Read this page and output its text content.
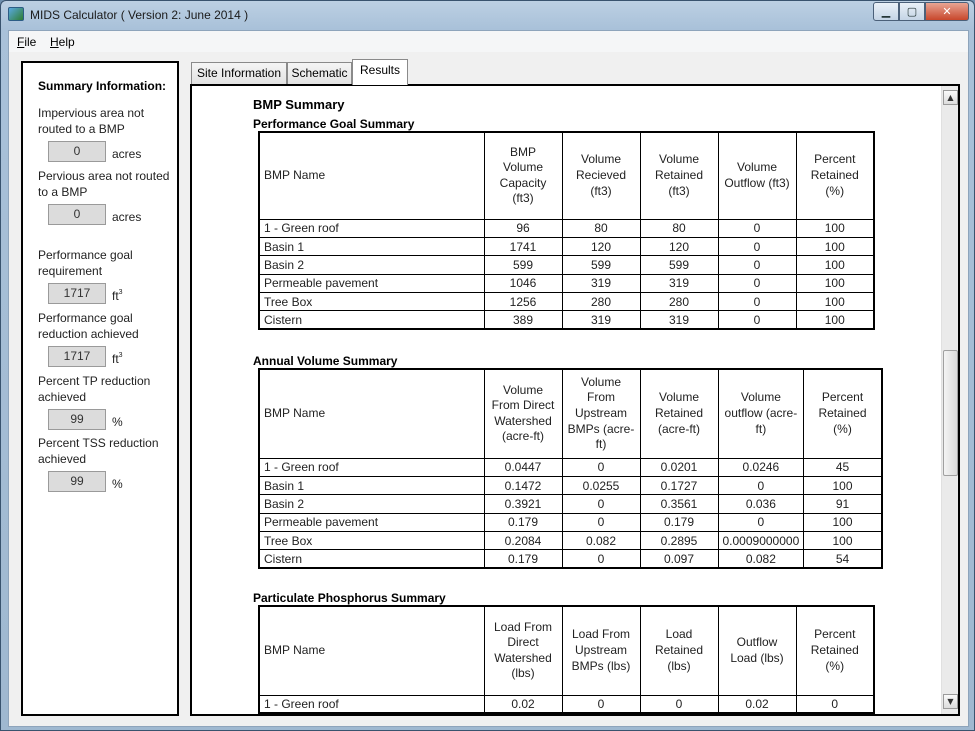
MIDS Calculator ( Version 2: June 2014 )	▁	▢	✕
File Help
Summary Information:
Impervious area not routed to a BMP
0	acres
Pervious area not routed to a BMP
0	acres
Performance goal requirement
1717	$ft^3$
Performance goal reduction achieved
1717	$ft^3$
Percent TP reduction achieved
99	%
Percent TSS reduction achieved
99	%
Site Information Schematic	Results
BMP Summary
Performance Goal Summary
BMP Name	BMP Volume Capacity (ft3)	Volume Recieved (ft3)	Volume Retained (ft3)	Volume Outflow (ft3)	Percent Retained (%)
1 - Green roof	96	80	80	0	100
Basin 1	1741	120	120	0	100
Basin 2	599	599	599	0	100
Permeable pavement	1046	319	319	0	100
Tree Box	1256	280	280	0	100
Cistern	389	319	319	0	100
Annual Volume Summary
BMP Name	Volume From Direct Watershed (acre-ft)	Volume From Upstream BMPs (acre-ft)	Volume Retained (acre-ft)	Volume outflow (acre-ft)	Percent Retained (%)
1 - Green roof	0.0447	0	0.0201	0.0246	45
Basin 1	0.1472	0.0255	0.1727	0	100
Basin 2	0.3921	0	0.3561	0.036	91
Permeable pavement	0.179	0	0.179	0	100
Tree Box	0.2084	0.082	0.2895	0.0009000000	100
Cistern	0.179	0	0.097	0.082	54
Particulate Phosphorus Summary
BMP Name	Load From Direct Watershed (lbs)	Load From Upstream BMPs (lbs)	Load Retained (lbs)	Outflow Load (lbs)	Percent Retained (%)
1 - Green roof	0.02	0	0	0.02	0
▲
▼
